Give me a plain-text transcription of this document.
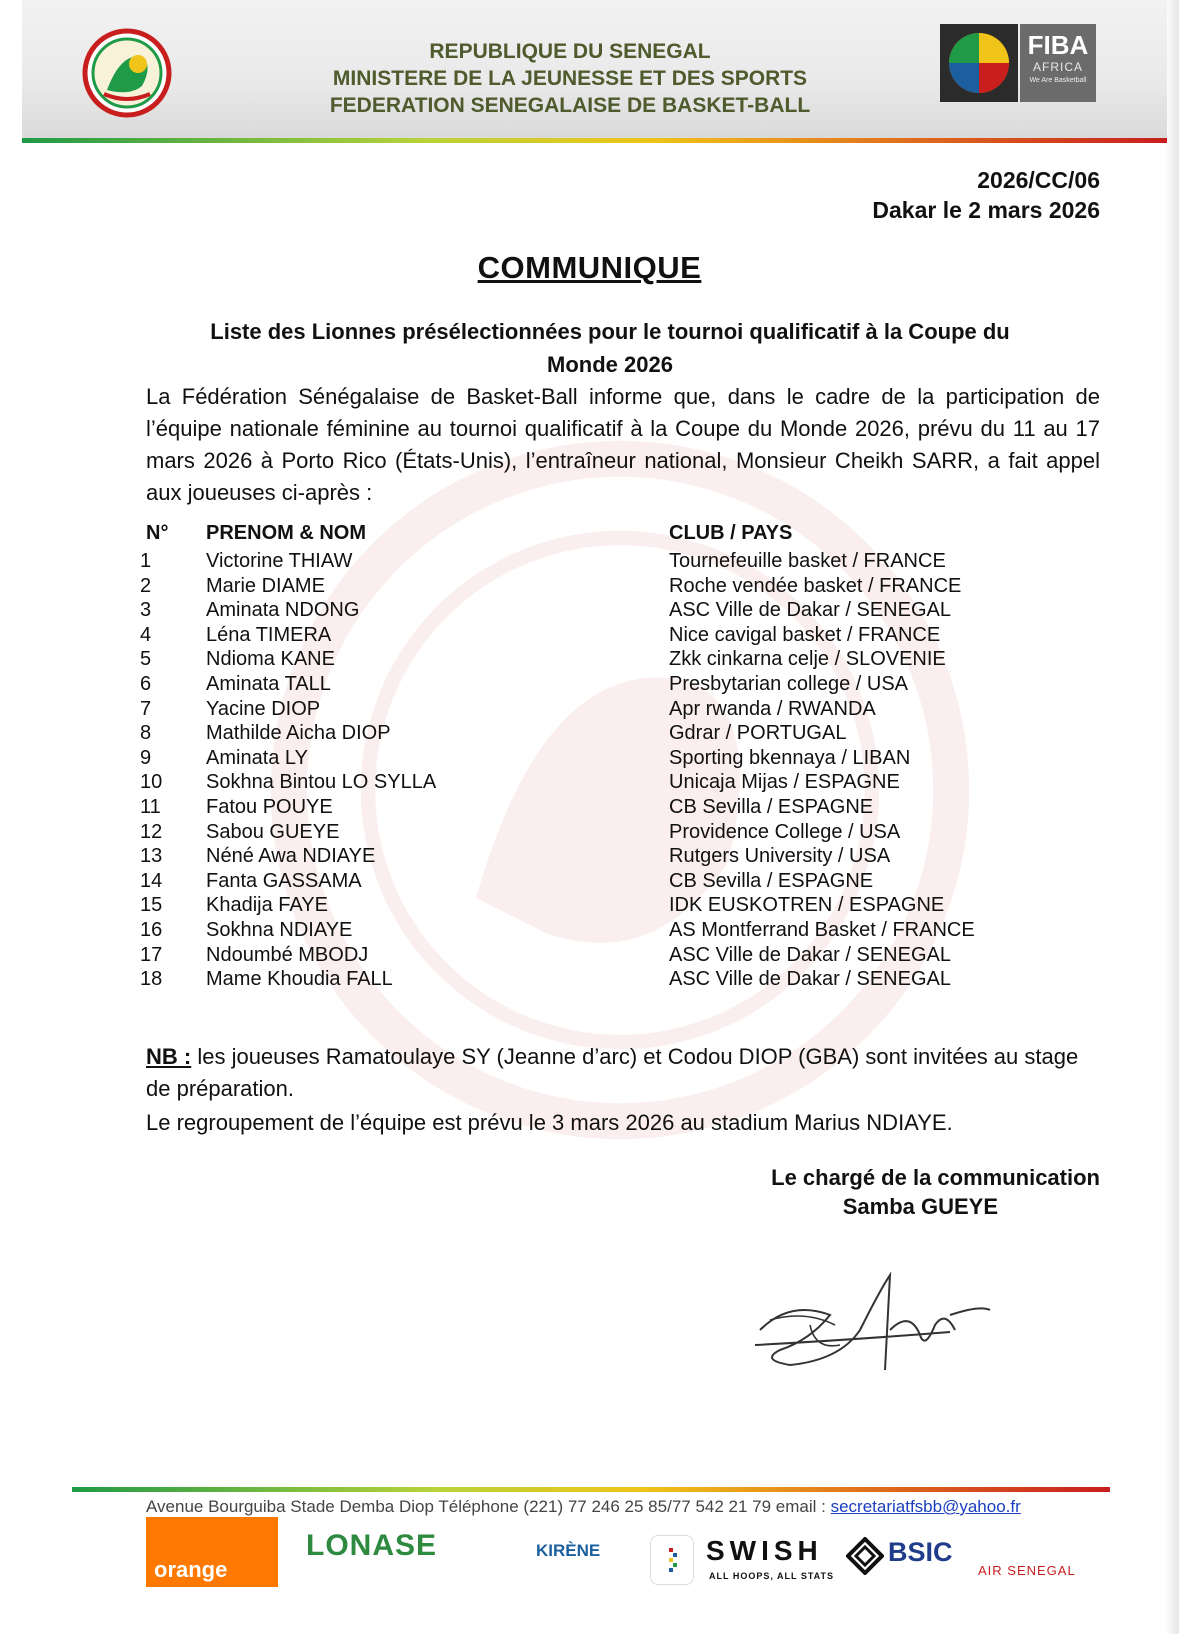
REPUBLIQUE DU SENEGAL
MINISTERE DE LA JEUNESSE ET DES SPORTS
FEDERATION SENEGALAISE DE BASKET-BALL
FIBA
AFRICA
We Are Basketball
2026/CC/06
Dakar le 2 mars 2026
COMMUNIQUE
Liste des Lionnes présélectionnées pour le tournoi qualificatif à la Coupe du
Monde 2026
La Fédération Sénégalaise de Basket-Ball informe que, dans le cadre de la participation de l’équipe nationale féminine au tournoi qualificatif à la Coupe du Monde 2026, prévu du 11 au 17 mars 2026 à Porto Rico (États-Unis), l’entraîneur national, Monsieur Cheikh SARR, a fait appel aux joueuses ci-après :
N° PRENOM & NOM	CLUB / PAYS
1	Victorine THIAW	Tournefeuille basket / FRANCE
2	Marie DIAME	Roche vendée basket / FRANCE
3	Aminata NDONG	ASC Ville de Dakar / SENEGAL
4	Léna TIMERA	Nice cavigal basket / FRANCE
5	Ndioma KANE	Zkk cinkarna celje / SLOVENIE
6	Aminata TALL	Presbytarian college / USA
7	Yacine DIOP	Apr rwanda / RWANDA
8	Mathilde Aicha DIOP	Gdrar / PORTUGAL
9	Aminata LY	Sporting bkennaya / LIBAN
10 Sokhna Bintou LO SYLLA	Unicaja Mijas / ESPAGNE
11 Fatou POUYE	CB Sevilla / ESPAGNE
12 Sabou GUEYE	Providence College / USA
13 Néné Awa NDIAYE	Rutgers University / USA
14 Fanta GASSAMA	CB Sevilla / ESPAGNE
15 Khadija FAYE	IDK EUSKOTREN / ESPAGNE
16 Sokhna NDIAYE	AS Montferrand Basket / FRANCE
17 Ndoumbé MBODJ	ASC Ville de Dakar / SENEGAL
18 Mame Khoudia FALL	ASC Ville de Dakar / SENEGAL
NB : les joueuses Ramatoulaye SY (Jeanne d’arc) et Codou DIOP (GBA) sont invitées au stage de préparation.
Le regroupement de l’équipe est prévu le 3 mars 2026 au stadium Marius NDIAYE.
Le chargé de la communication
Samba GUEYE
Avenue Bourguiba Stade Demba Diop Téléphone (221) 77 246 25 85/77 542 21 79 email : secretariatfsbb@yahoo.fr
orange
LONASE	KIRÈNE	SWISH
ALL HOOPS, ALL STATS
BSIC
AIR SENEGAL
